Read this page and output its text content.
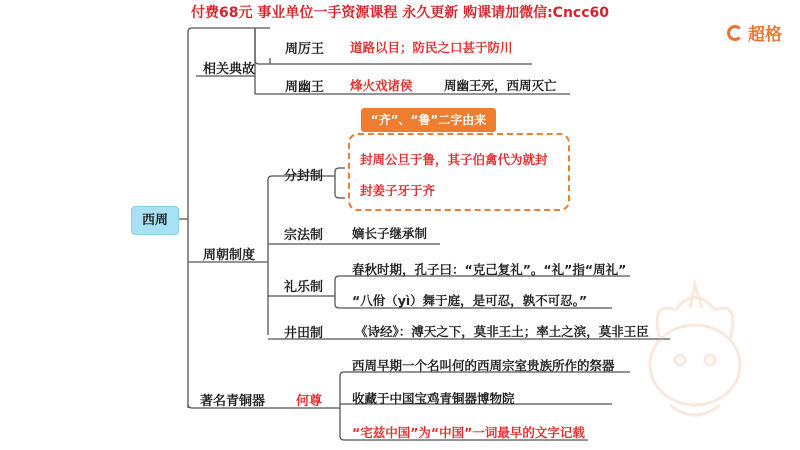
付费68元 事业单位一手资源课程 永久更新 购课请加微信:Cncc60
超格
西周
相关典故
周厉王 道路以目；防民之口甚于防川
周幽王 烽火戏诸侯	周幽王死，西周灭亡
周朝制度
“齐”、“鲁”二字由来
分封制
封周公旦于鲁，其子伯禽代为就封
封姜子牙于齐
宗法制 嫡长子继承制
礼乐制
春秋时期，孔子曰：“克己复礼”。“礼”指“周礼”
“八佾（yì）舞于庭，是可忍，孰不可忍。”
井田制	《诗经》：溥天之下，莫非王土；率土之滨，莫非王臣
著名青铜器 何尊
西周早期一个名叫何的西周宗室贵族所作的祭器
收藏于中国宝鸡青铜器博物院
“宅兹中国”为“中国”一词最早的文字记载
